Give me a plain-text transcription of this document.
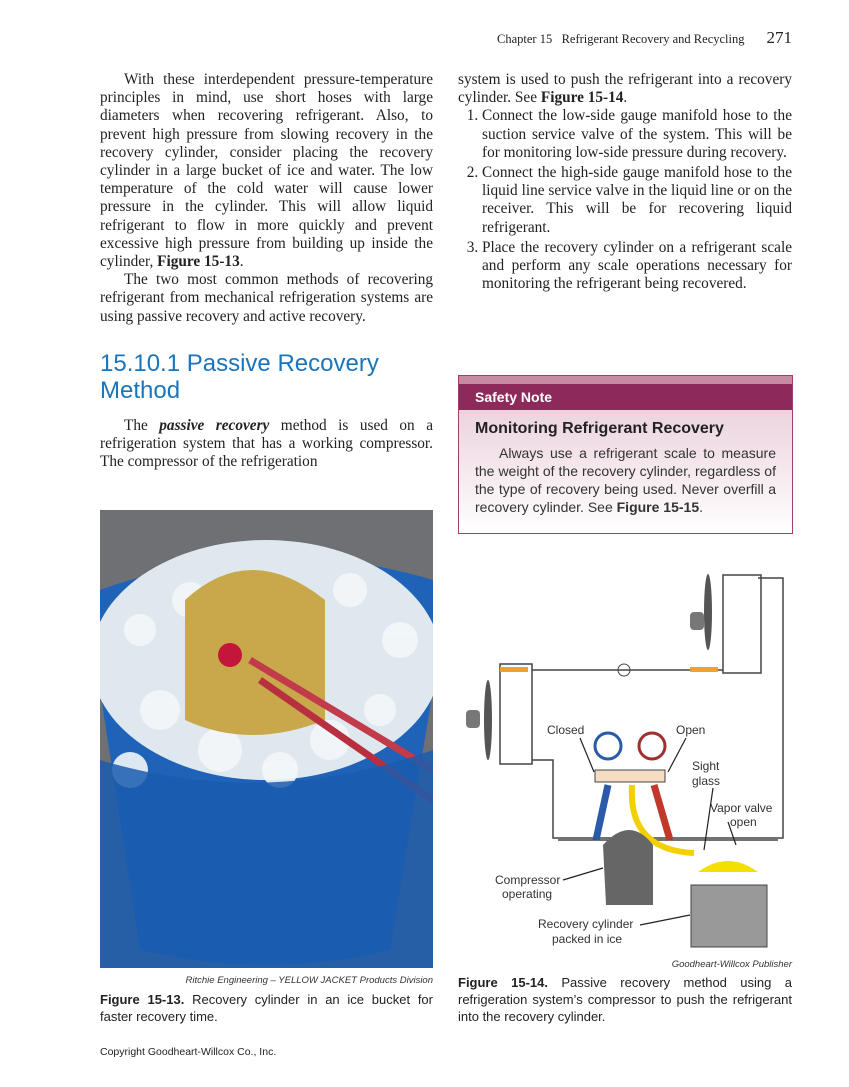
Chapter 15 Refrigerant Recovery and Recycling 271

With these interdependent pressure-temperature principles in mind, use short hoses with large diameters when recovering refrigerant. Also, to prevent high pressure from slowing recovery in the recovery cylinder, consider placing the recovery cylinder in a large bucket of ice and water. The low temperature of the cold water will cause lower pressure in the cylinder. This will allow liquid refrigerant to flow in more quickly and prevent excessive high pressure from building up inside the cylinder, Figure 15-13.

The two most common methods of recovering refrigerant from mechanical refrigeration systems are using passive recovery and active recovery.

15.10.1 Passive Recovery Method

The passive recovery method is used on a refrigeration system that has a working compressor. The compressor of the refrigeration

Ritchie Engineering – YELLOW JACKET Products Division
Figure 15-13. Recovery cylinder in an ice bucket for faster recovery time.

system is used to push the refrigerant into a recovery cylinder. See Figure 15-14.

1. Connect the low-side gauge manifold hose to the suction service valve of the system. This will be for monitoring low-side pressure during recovery.
2. Connect the high-side gauge manifold hose to the liquid line service valve in the liquid line or on the receiver. This will be for recovering liquid refrigerant.
3. Place the recovery cylinder on a refrigerant scale and perform any scale operations necessary for monitoring the refrigerant being recovered.
Safety Note
Monitoring Refrigerant Recovery

Always use a refrigerant scale to measure the weight of the recovery cylinder, regardless of the type of recovery being used. Never overfill a recovery cylinder. See Figure 15-15.

Closed	Open
Sight
glass
Vapor valve
open
Compressor
operating
Recovery cylinder
packed in ice
Goodheart-Willcox Publisher
Figure 15-14. Passive recovery method using a refrigeration system’s compressor to push the refrigerant into the recovery cylinder.
Copyright Goodheart-Willcox Co., Inc.
